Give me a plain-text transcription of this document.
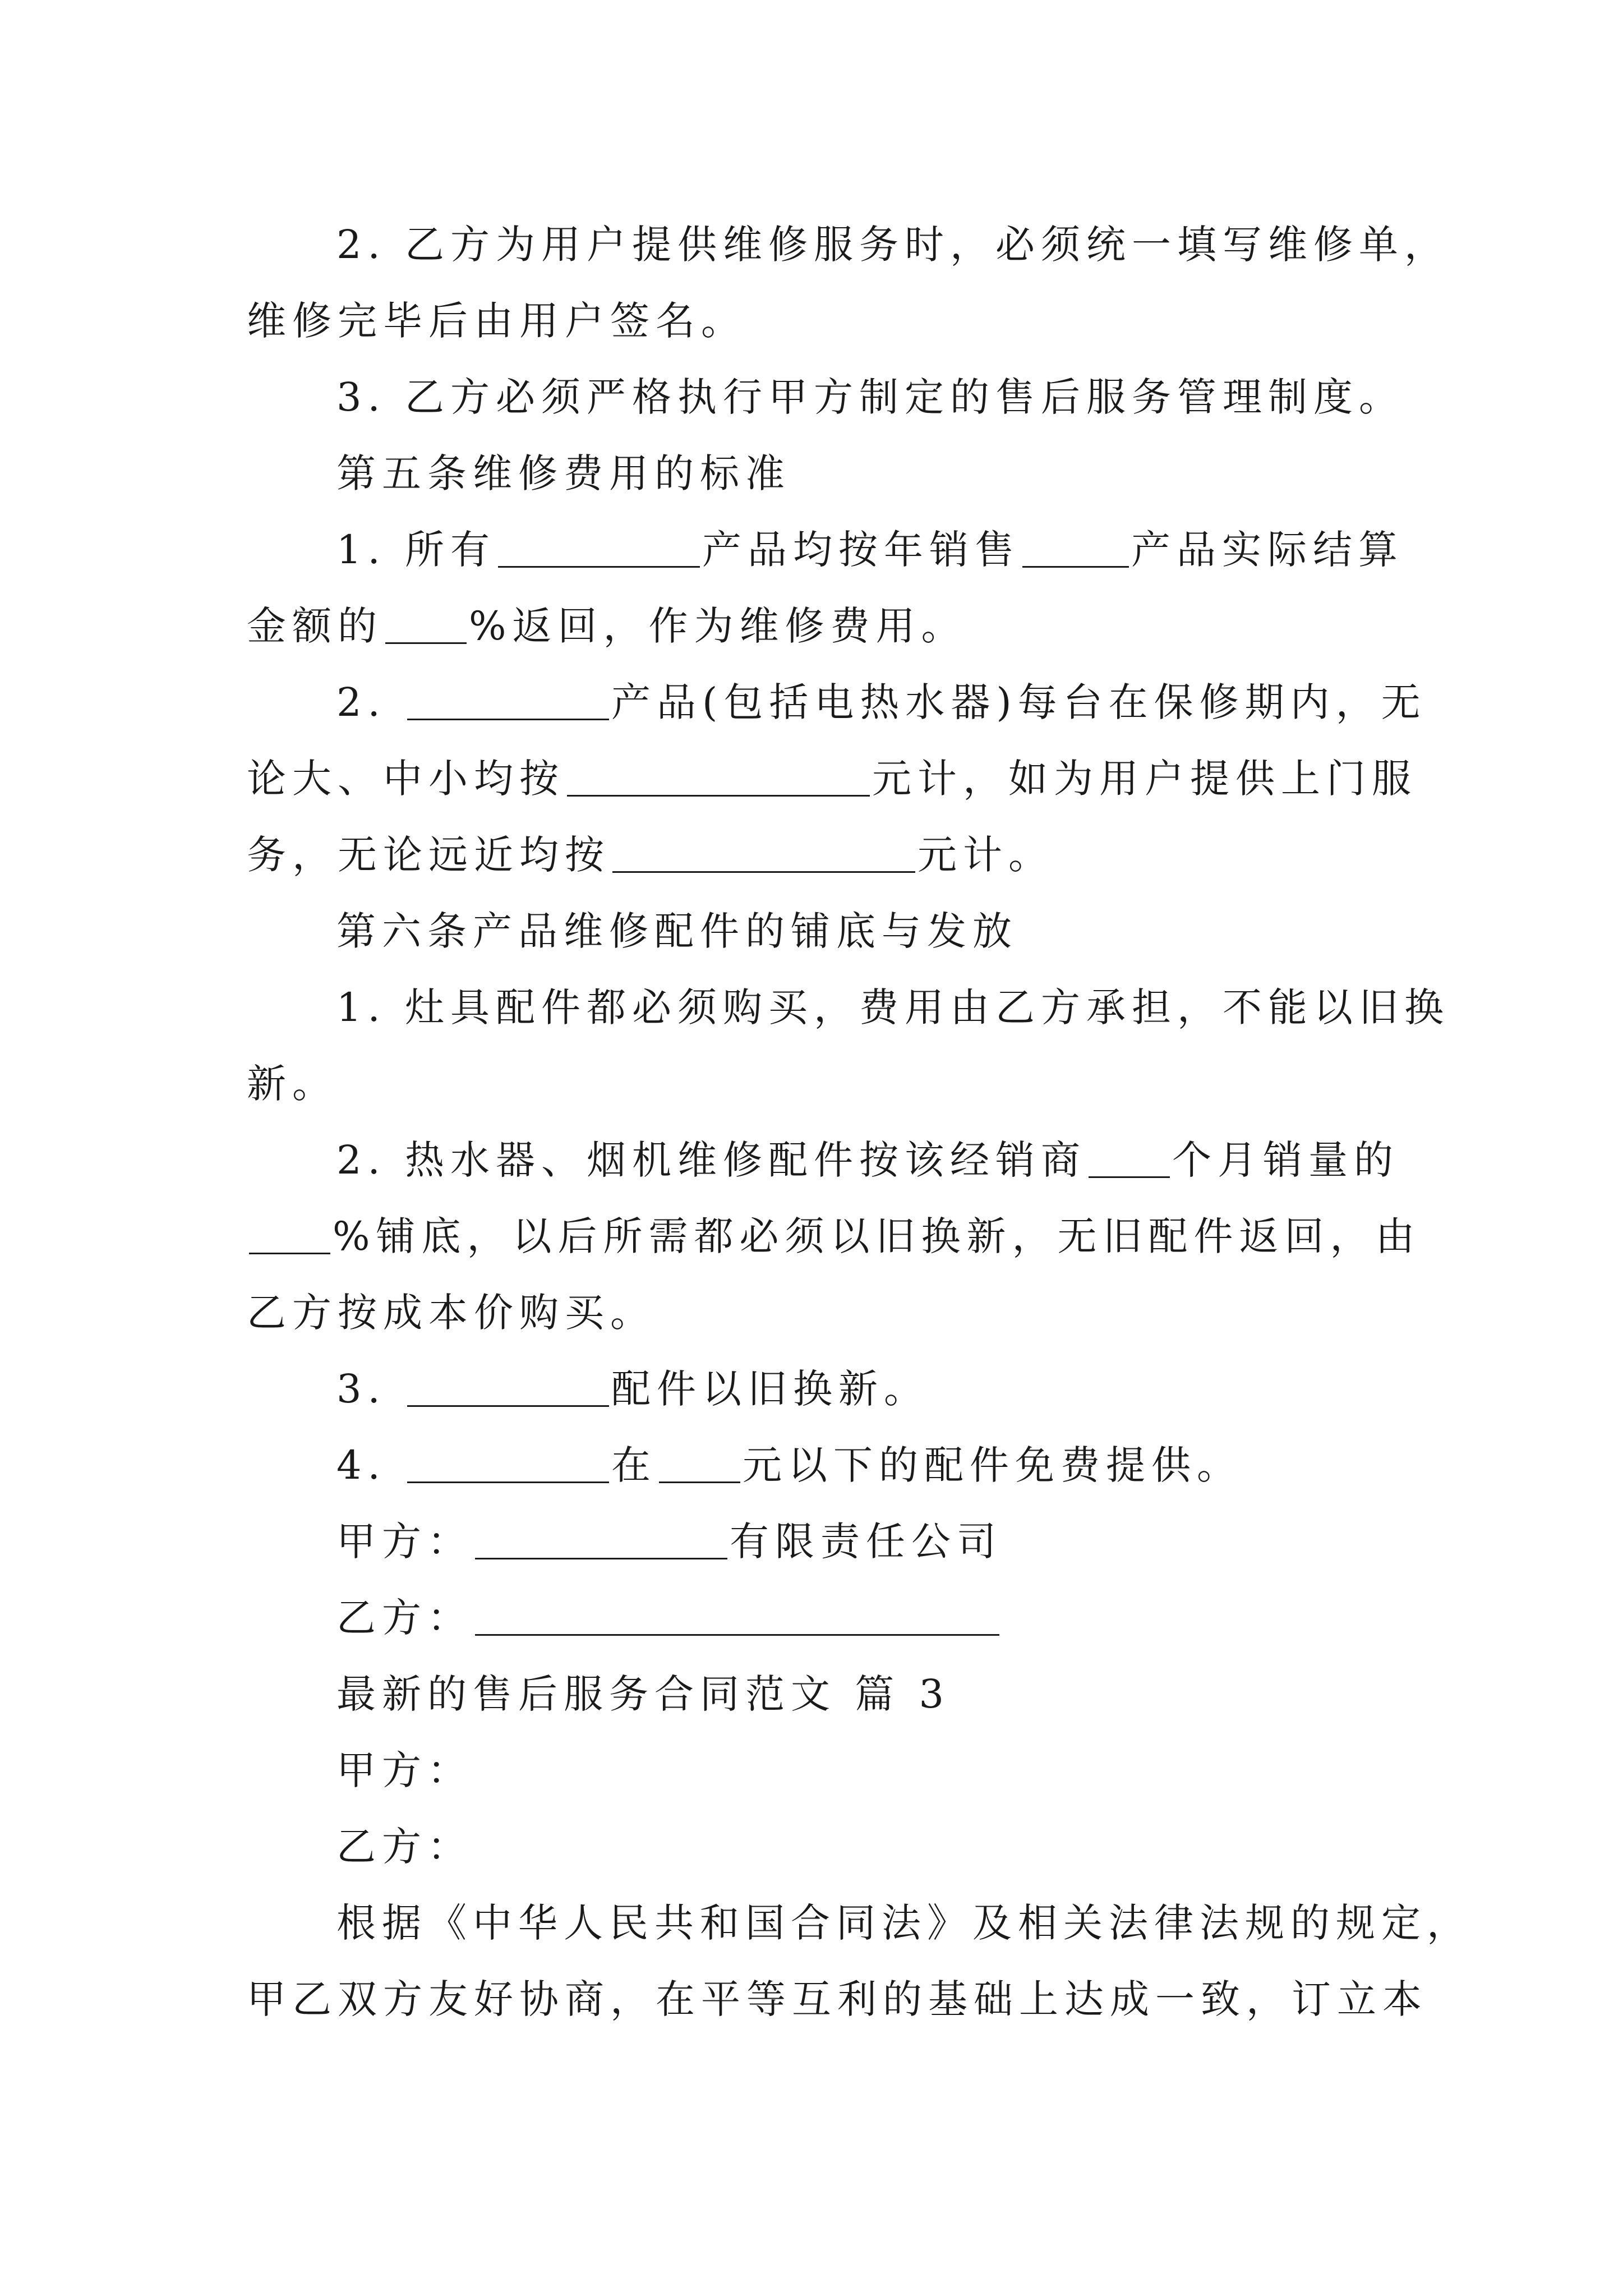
2. 乙方为用户提供维修服务时，必须统一填写维修单，
维修完毕后由用户签名。
3. 乙方必须严格执行甲方制定的售后服务管理制度。
第五条维修费用的标准
1. 所有	产品均按年销售	产品实际结算
金额的 %返回，作为维修费用。
2.	产品(包括电热水器)每台在保修期内，无
论大、中小均按	元计，如为用户提供上门服
务，无论远近均按	元计。
第六条产品维修配件的铺底与发放
1. 灶具配件都必须购买，费用由乙方承担，不能以旧换
新。
2. 热水器、烟机维修配件按该经销商 个月销量的
%铺底，以后所需都必须以旧换新，无旧配件返回，由
乙方按成本价购买。
3.	配件以旧换新。
4.	在 元以下的配件免费提供。
甲方：	有限责任公司
乙方：
最新的售后服务合同范文 篇 3
甲方：
乙方：
根据《中华人民共和国合同法》及相关法律法规的规定，
甲乙双方友好协商，在平等互利的基础上达成一致，订立本
